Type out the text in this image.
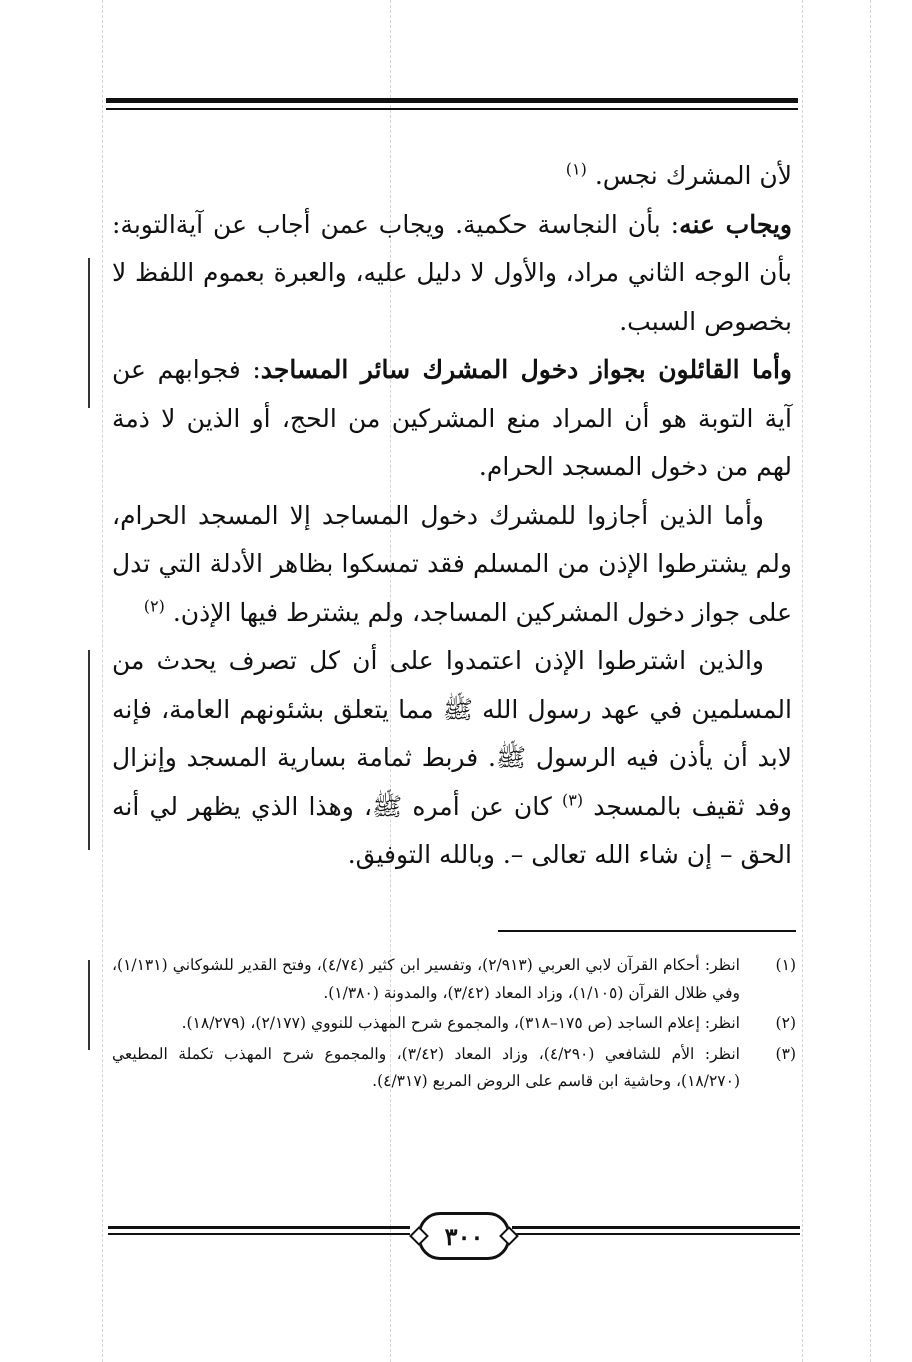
لأن المشرك نجس. $^{(١)}$

ويجاب عنه: بأن النجاسة حكمية. ويجاب عمن أجاب عن آيةالتوبة: بأن الوجه الثاني مراد، والأول لا دليل عليه، والعبرة بعموم اللفظ لا بخصوص السبب.

وأما القائلون بجواز دخول المشرك سائر المساجد: فجوابهم عن آية التوبة هو أن المراد منع المشركين من الحج، أو الذين لا ذمة لهم من دخول المسجد الحرام.

وأما الذين أجازوا للمشرك دخول المساجد إلا المسجد الحرام، ولم يشترطوا الإذن من المسلم فقد تمسكوا بظاهر الأدلة التي تدل على جواز دخول المشركين المساجد، ولم يشترط فيها الإذن. $^{(٢)}$

والذين اشترطوا الإذن اعتمدوا على أن كل تصرف يحدث من المسلمين في عهد رسول الله ﷺ مما يتعلق بشئونهم العامة، فإنه لابد أن يأذن فيه الرسول ﷺ. فربط ثمامة بسارية المسجد وإنزال وفد ثقيف بالمسجد $^{(٣)}$ كان عن أمره ﷺ، وهذا الذي يظهر لي أنه الحق – إن شاء الله تعالى –. وبالله التوفيق.

(١)
انظر: أحكام القرآن لابي العربي (٢/٩١٣)، وتفسير ابن كثير (٤/٧٤)، وفتح القدير للشوكاني (١/١٣١)، وفي ظلال القرآن (١/١٠٥)، وزاد المعاد (٣/٤٢)، والمدونة (١/٣٨٠).
(٢)
انظر: إعلام الساجد (ص ١٧٥–٣١٨)، والمجموع شرح المهذب للنووي (٢/١٧٧)، (١٨/٢٧٩).
(٣)
انظر: الأم للشافعي (٤/٢٩٠)، وزاد المعاد (٣/٤٢)، والمجموع شرح المهذب تكملة المطيعي (١٨/٢٧٠)، وحاشية ابن قاسم على الروض المربع (٤/٣١٧).
٣٠٠
